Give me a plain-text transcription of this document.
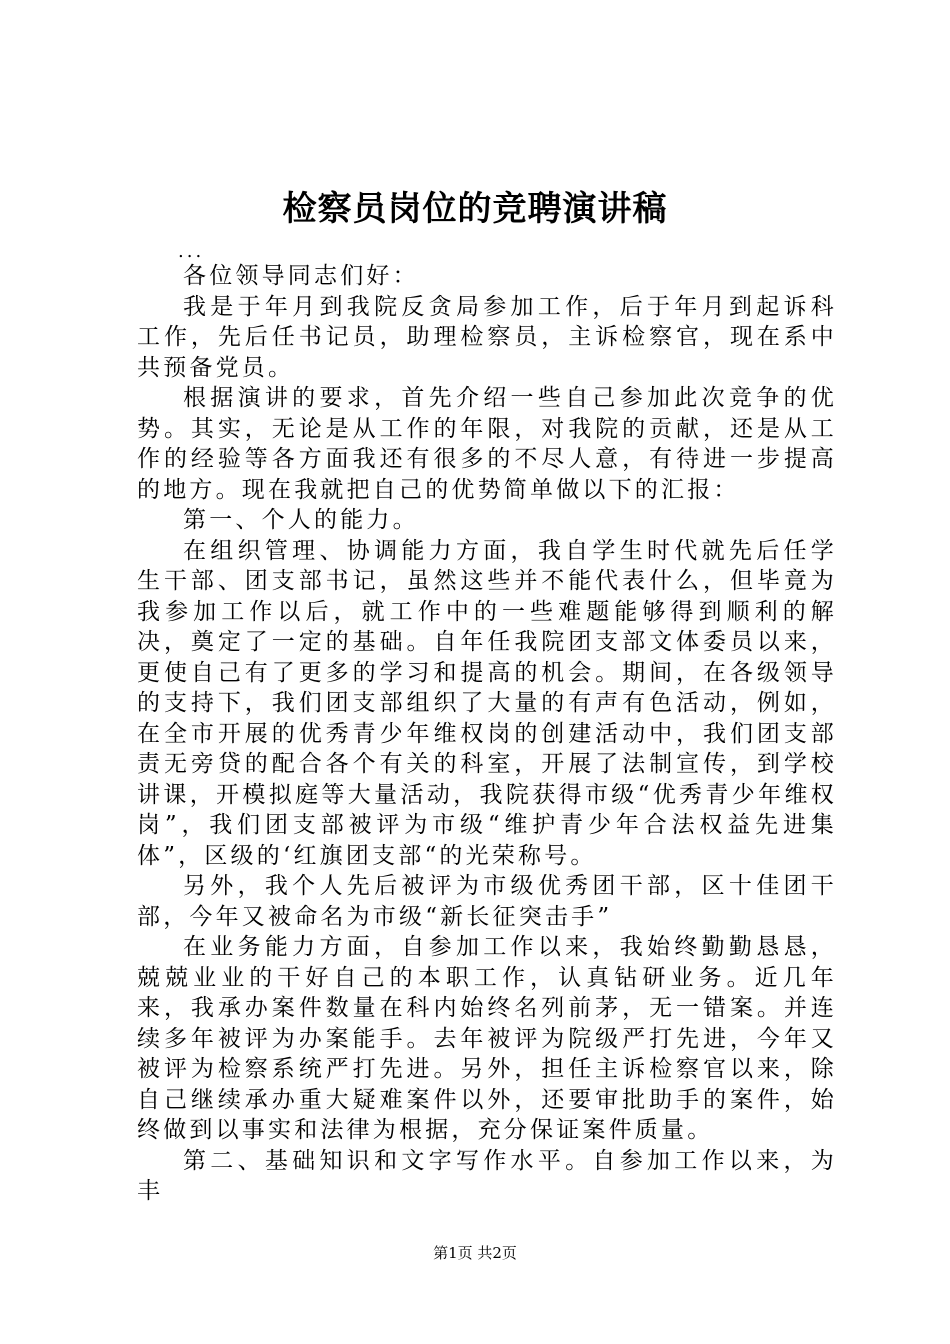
检察员岗位的竞聘演讲稿
...

各位领导同志们好：

我是于年月到我院反贪局参加工作，后于年月到起诉科工作，先后任书记员，助理检察员，主诉检察官，现在系中共预备党员。

根据演讲的要求，首先介绍一些自己参加此次竞争的优势。其实，无论是从工作的年限，对我院的贡献，还是从工作的经验等各方面我还有很多的不尽人意，有待进一步提高的地方。现在我就把自己的优势简单做以下的汇报：

第一、个人的能力。

在组织管理、协调能力方面，我自学生时代就先后任学生干部、团支部书记，虽然这些并不能代表什么，但毕竟为我参加工作以后，就工作中的一些难题能够得到顺利的解决，奠定了一定的基础。自年任我院团支部文体委员以来，更使自己有了更多的学习和提高的机会。期间，在各级领导的支持下，我们团支部组织了大量的有声有色活动，例如，在全市开展的优秀青少年维权岗的创建活动中，我们团支部责无旁贷的配合各个有关的科室，开展了法制宣传，到学校讲课，开模拟庭等大量活动，我院获得市级“优秀青少年维权岗”，我们团支部被评为市级“维护青少年合法权益先进集体”，区级的‘红旗团支部“的光荣称号。

另外，我个人先后被评为市级优秀团干部，区十佳团干部，今年又被命名为市级“新长征突击手”

在业务能力方面，自参加工作以来，我始终勤勤恳恳，兢兢业业的干好自己的本职工作，认真钻研业务。近几年来，我承办案件数量在科内始终名列前茅，无一错案。并连续多年被评为办案能手。去年被评为院级严打先进，今年又被评为检察系统严打先进。另外，担任主诉检察官以来，除自己继续承办重大疑难案件以外，还要审批助手的案件，始终做到以事实和法律为根据，充分保证案件质量。

第二、基础知识和文字写作水平。自参加工作以来，为丰

第1页 共2页
